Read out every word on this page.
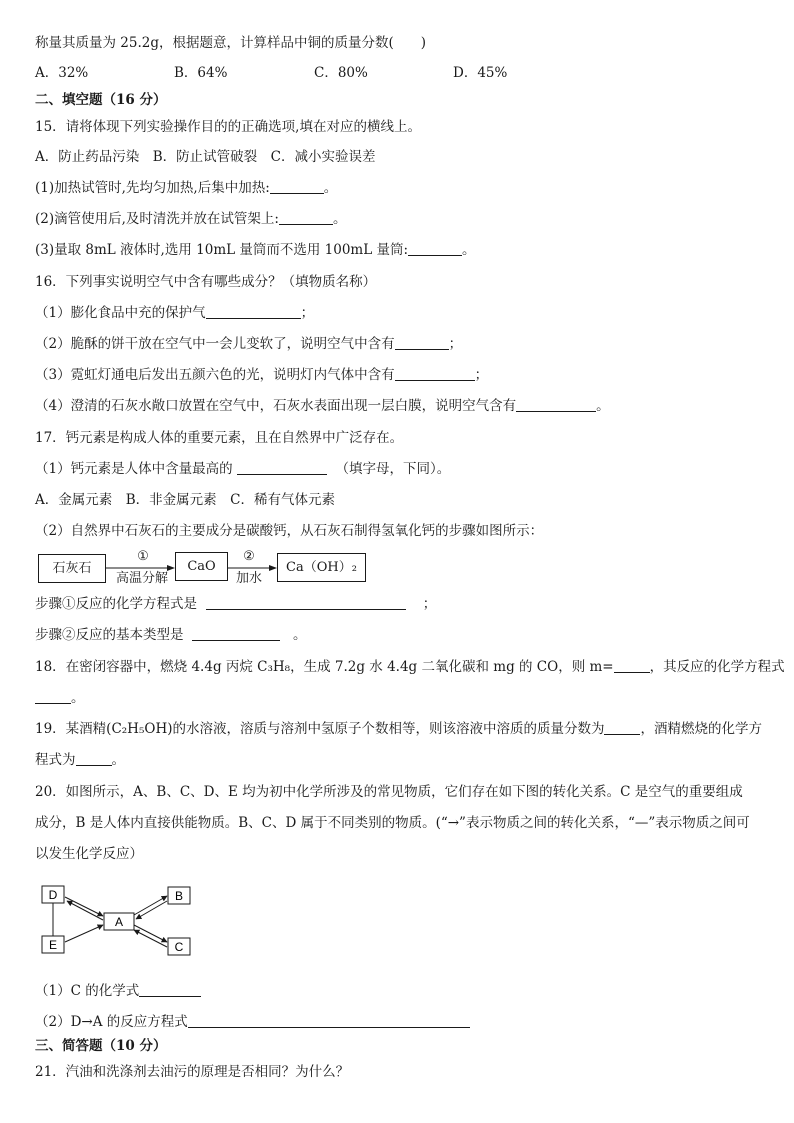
称量其质量为 25.2g，根据题意，计算样品中铜的质量分数(　　)
A．32%	B．64%	C．80%	D．45%
二、填空题（16 分）
15．请将体现下列实验操作目的的正确选项,填在对应的横线上。
A．防止药品污染　B．防止试管破裂　C．减小实验误差
(1)加热试管时,先均匀加热,后集中加热:	。
(2)滴管使用后,及时清洗并放在试管架上:	。
(3)量取 8mL 液体时,选用 10mL 量筒而不选用 100mL 量筒:	。
16．下列事实说明空气中含有哪些成分？（填物质名称）
（1）膨化食品中充的保护气	；
（2）脆酥的饼干放在空气中一会儿变软了，说明空气中含有	；
（3）霓虹灯通电后发出五颜六色的光，说明灯内气体中含有	；
（4）澄清的石灰水敞口放置在空气中，石灰水表面出现一层白膜，说明空气含有	。
17．钙元素是构成人体的重要元素，且在自然界中广泛存在。
（1）钙元素是人体中含量最高的	（填字母，下同）。
A．金属元素　B．非金属元素　C．稀有气体元素
（2）自然界中石灰石的主要成分是碳酸钙，从石灰石制得氢氧化钙的步骤如图所示：
石灰石
①
高温分解
CaO
②
加水
Ca（OH）₂
步骤①反应的化学方程式是	；
步骤②反应的基本类型是	。
18．在密闭容器中，燃烧 4.4g 丙烷 C₃H₈，生成 7.2g 水 4.4g 二氧化碳和 mg 的 CO，则 m=	，其反应的化学方程式
。
19．某酒精(C₂H₅OH)的水溶液，溶质与溶剂中氢原子个数相等，则该溶液中溶质的质量分数为	，酒精燃烧的化学方
程式为	。
20．如图所示，A、B、C、D、E 均为初中化学所涉及的常见物质，它们存在如下图的转化关系。C 是空气的重要组成
成分，B 是人体内直接供能物质。B、C、D 属于不同类别的物质。(“→”表示物质之间的转化关系，“—”表示物质之间可
以发生化学反应）
D
E
A
B
C
（1）C 的化学式
（2）D→A 的反应方程式
三、简答题（10 分）
21．汽油和洗涤剂去油污的原理是否相同？为什么？
